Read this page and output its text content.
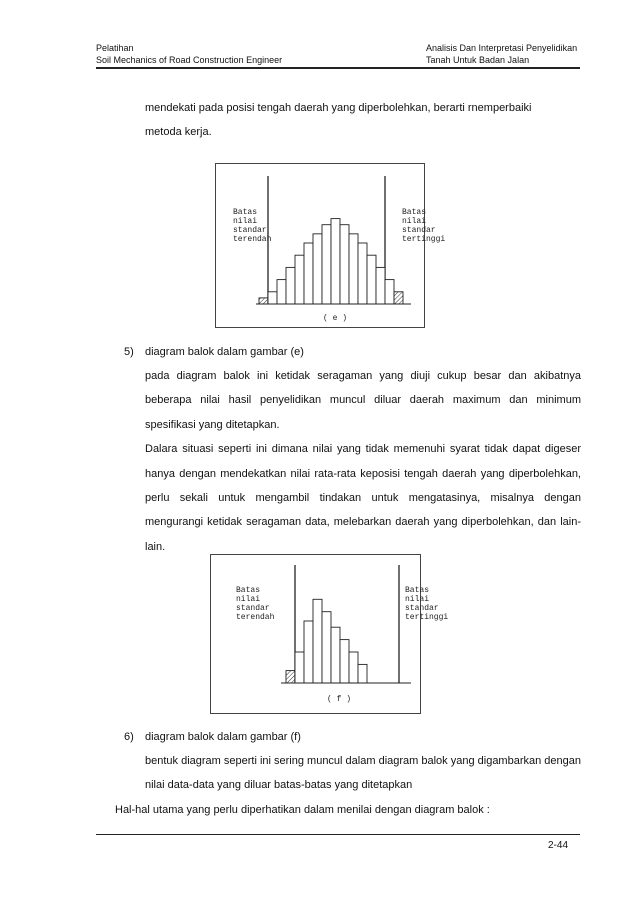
Pelatihan
Soil Mechanics of Road Construction Engineer
Analisis Dan Interpretasi Penyelidikan
Tanah Untuk Badan Jalan
mendekati pada posisi tengah daerah yang diperbolehkan, berarti rnemperbaiki
metoda kerja.
Batas
nilai
standar
terendah
Batas
nilai
standar
tertinggi
( e )
5) diagram balok dalam gambar (e)

pada diagram balok ini ketidak seragaman yang diuji cukup besar dan akibatnya beberapa nilai hasil penyelidikan muncul diluar daerah maximum dan minimum spesifikasi yang ditetapkan.

Dalara situasi seperti ini dimana nilai yang tidak memenuhi syarat tidak dapat digeser hanya dengan mendekatkan nilai rata-rata keposisi tengah daerah yang diperbolehkan, perlu sekali untuk mengambil tindakan untuk mengatasinya, misalnya dengan mengurangi ketidak seragaman data, melebarkan daerah yang diperbolehkan, dan lain-lain.

Batas
nilai
standar
terendah
Batas
nilai
standar
tertinggi
( f )
6) diagram balok dalam gambar (f)

bentuk diagram seperti ini sering muncul dalam diagram balok yang digambarkan dengan nilai data-data yang diluar batas-batas yang ditetapkan

Hal-hal utama yang perlu diperhatikan dalam menilai dengan diagram balok :
2-44
